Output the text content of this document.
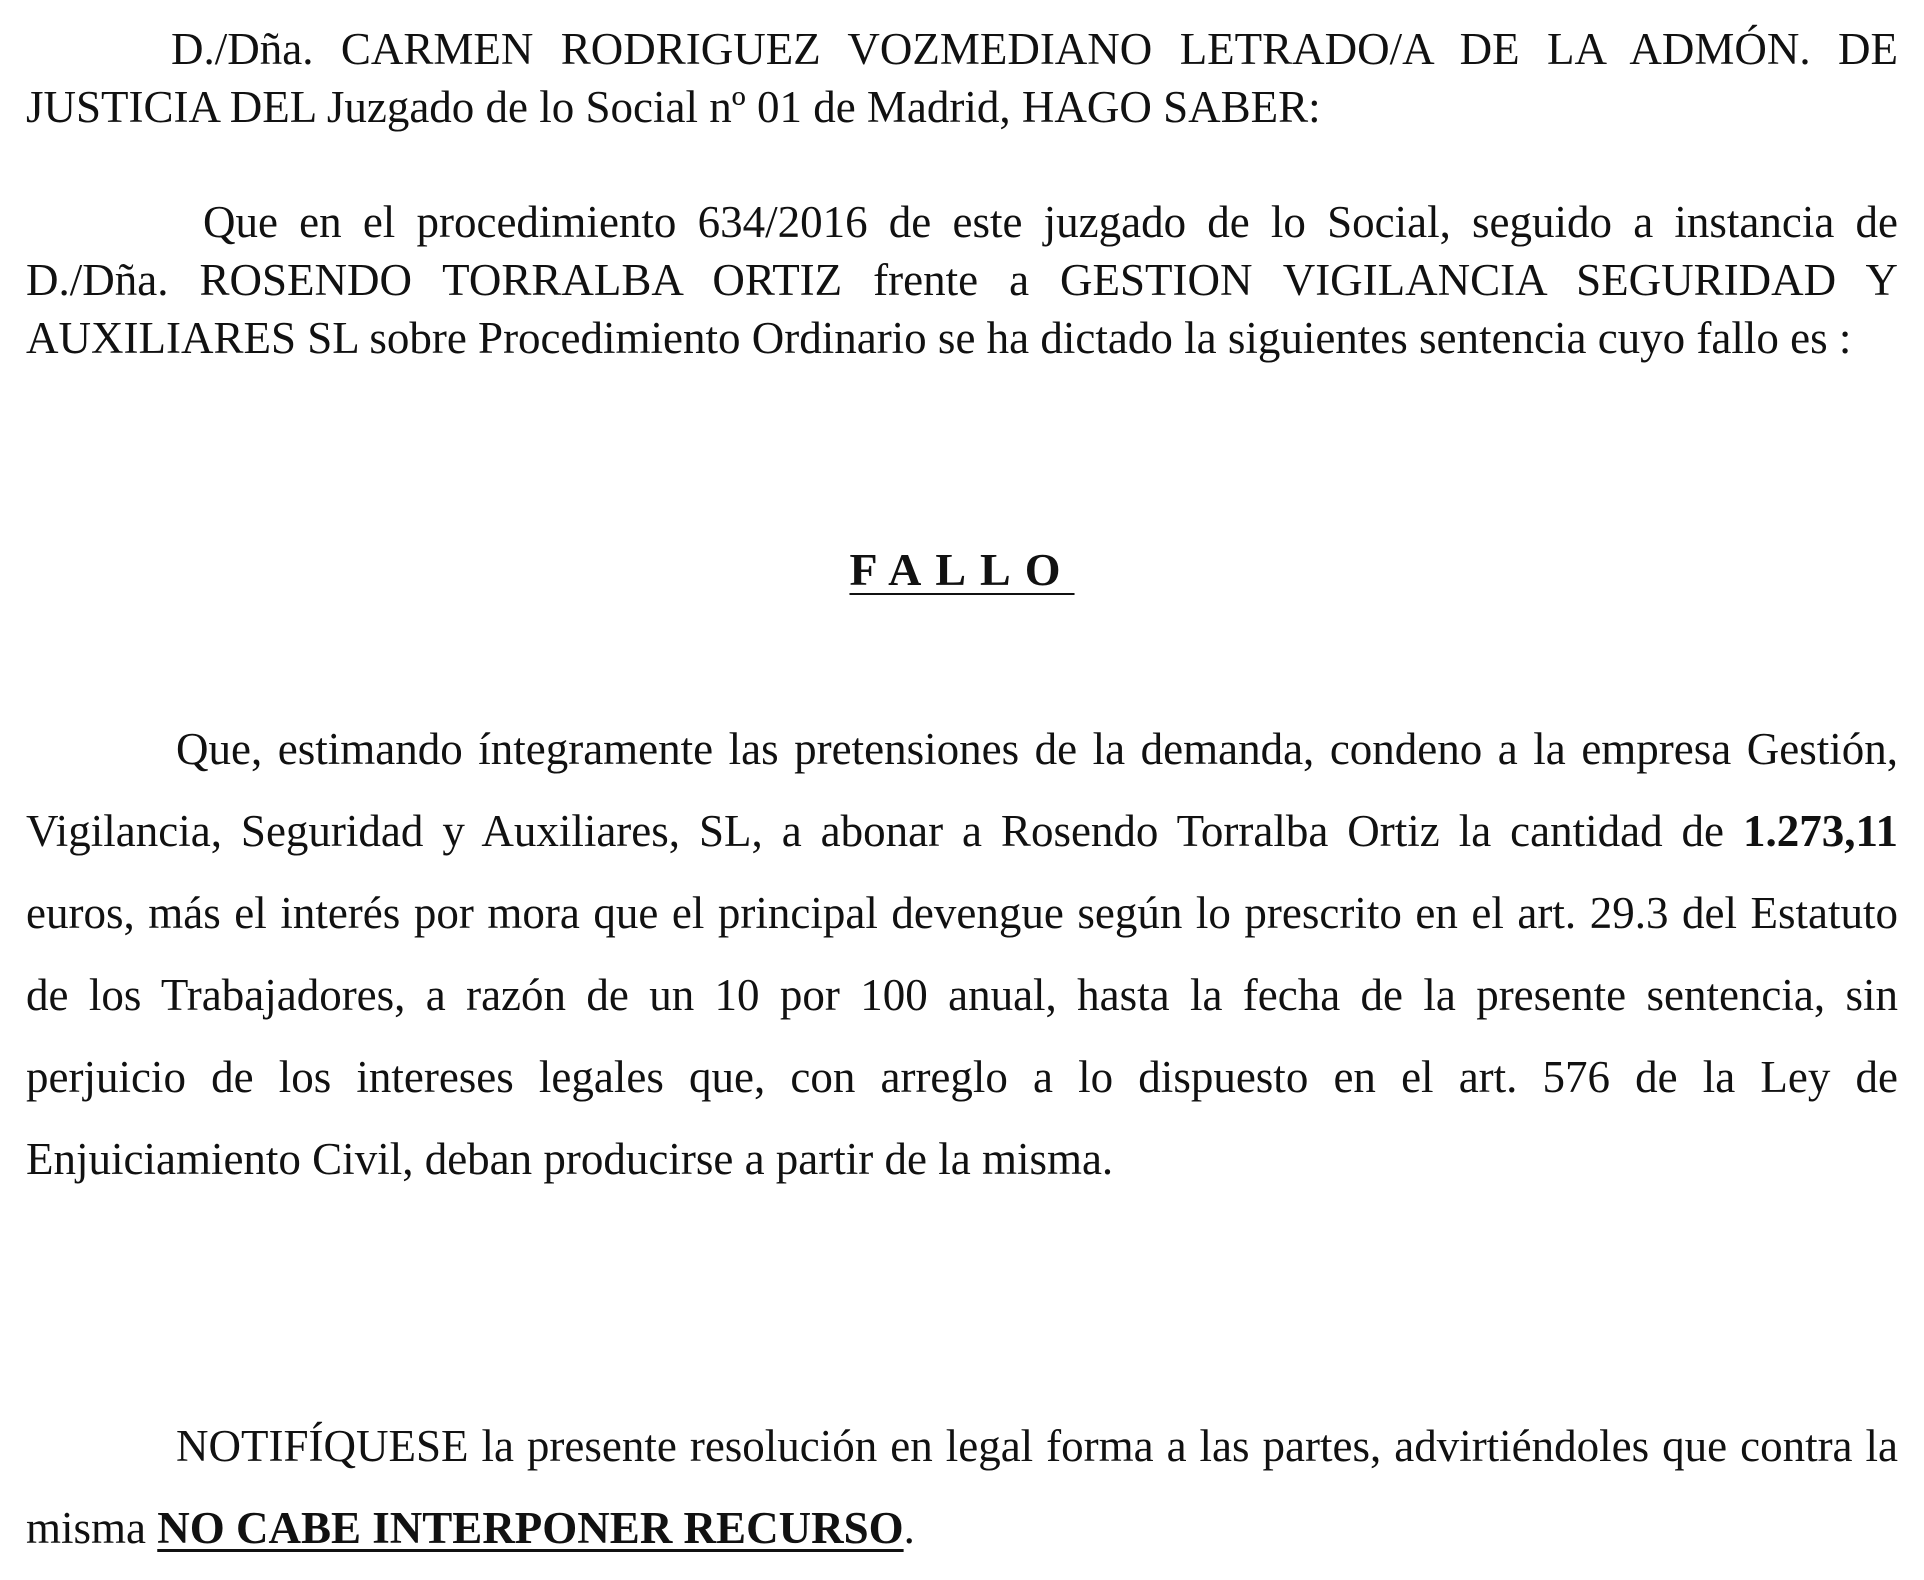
D./Dña. CARMEN RODRIGUEZ VOZMEDIANO LETRADO/A DE LA ADMÓN. DE JUSTICIA DEL Juzgado de lo Social nº 01 de Madrid, HAGO SABER:

Que en el procedimiento 634/2016 de este juzgado de lo Social, seguido a instancia de D./Dña. ROSENDO TORRALBA ORTIZ frente a GESTION VIGILANCIA SEGURIDAD Y AUXILIARES SL sobre Procedimiento Ordinario se ha dictado la siguientes sentencia cuyo fallo es :

FALLO

Que, estimando íntegramente las pretensiones de la demanda, condeno a la empresa Gestión, Vigilancia, Seguridad y Auxiliares, SL, a abonar a Rosendo Torralba Ortiz la cantidad de 1.273,11 euros, más el interés por mora que el principal devengue según lo prescrito en el art. 29.3 del Estatuto de los Trabajadores, a razón de un 10 por 100 anual, hasta la fecha de la presente sentencia, sin perjuicio de los intereses legales que, con arreglo a lo dispuesto en el art. 576 de la Ley de Enjuiciamiento Civil, deban producirse a partir de la misma.

NOTIFÍQUESE la presente resolución en legal forma a las partes, advirtiéndoles que contra la misma NO CABE INTERPONER RECURSO.
